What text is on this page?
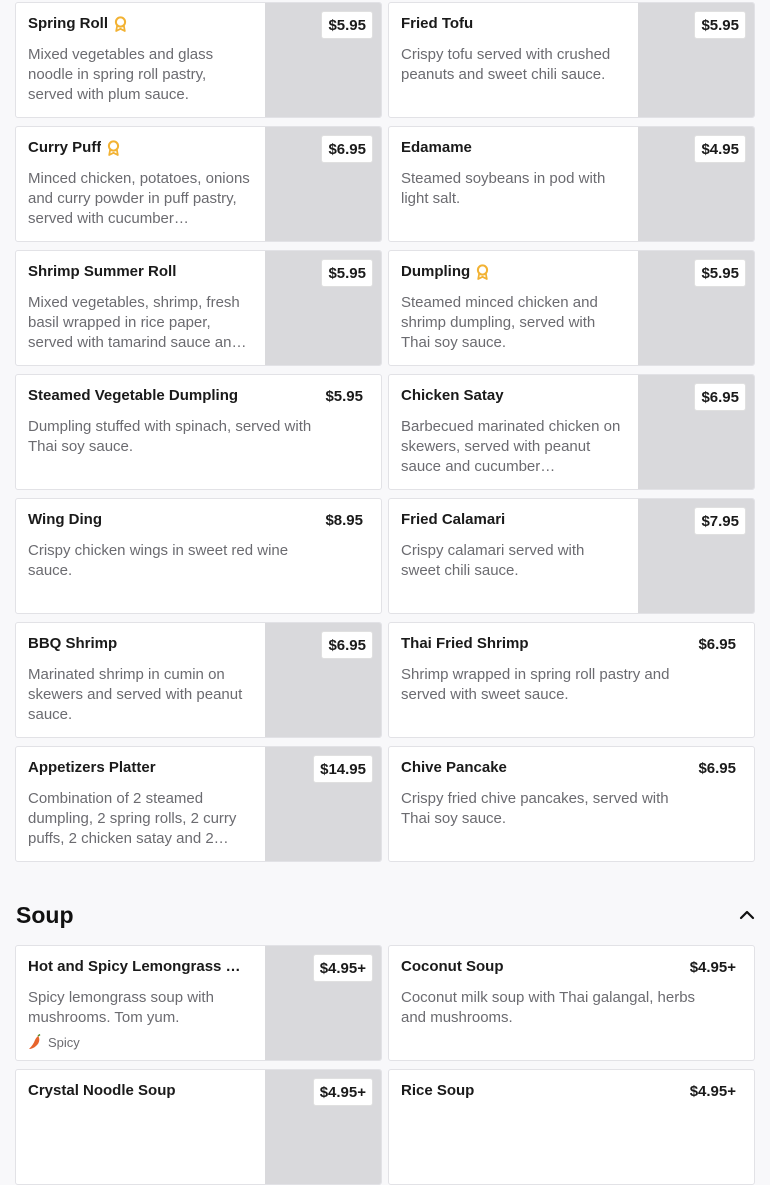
Spring Roll
Mixed vegetables and glass noodle in spring roll pastry, served with plum sauce.
$5.95	Fried Tofu
Crispy tofu served with crushed peanuts and sweet chili sauce.
$5.95
Curry Puff
Minced chicken, potatoes, onions and curry powder in puff pastry, served with cucumber…
$6.95	Edamame
Steamed soybeans in pod with light salt.
$4.95
Shrimp Summer Roll
Mixed vegetables, shrimp, fresh basil wrapped in rice paper, served with tamarind sauce an…
$5.95	Dumpling
Steamed minced chicken and shrimp dumpling, served with Thai soy sauce.
$5.95
Steamed Vegetable Dumpling
Dumpling stuffed with spinach, served with Thai soy sauce.
$5.95	Chicken Satay
Barbecued marinated chicken on skewers, served with peanut sauce and cucumber…
$6.95
Wing Ding
Crispy chicken wings in sweet red wine sauce.
$8.95	Fried Calamari
Crispy calamari served with sweet chili sauce.
$7.95
BBQ Shrimp
Marinated shrimp in cumin on skewers and served with peanut sauce.
$6.95	Thai Fried Shrimp
Shrimp wrapped in spring roll pastry and served with sweet sauce.
$6.95
Appetizers Platter
Combination of 2 steamed dumpling, 2 spring rolls, 2 curry puffs, 2 chicken satay and 2…
$14.95	Chive Pancake
Crispy fried chive pancakes, served with Thai soy sauce.
$6.95
Soup
Hot and Spicy Lemongrass …
Spicy lemongrass soup with mushrooms. Tom yum.
$4.95+
Spicy
Coconut Soup
Coconut milk soup with Thai galangal, herbs and mushrooms.
$4.95+
Crystal Noodle Soup	$4.95+	Rice Soup	$4.95+
